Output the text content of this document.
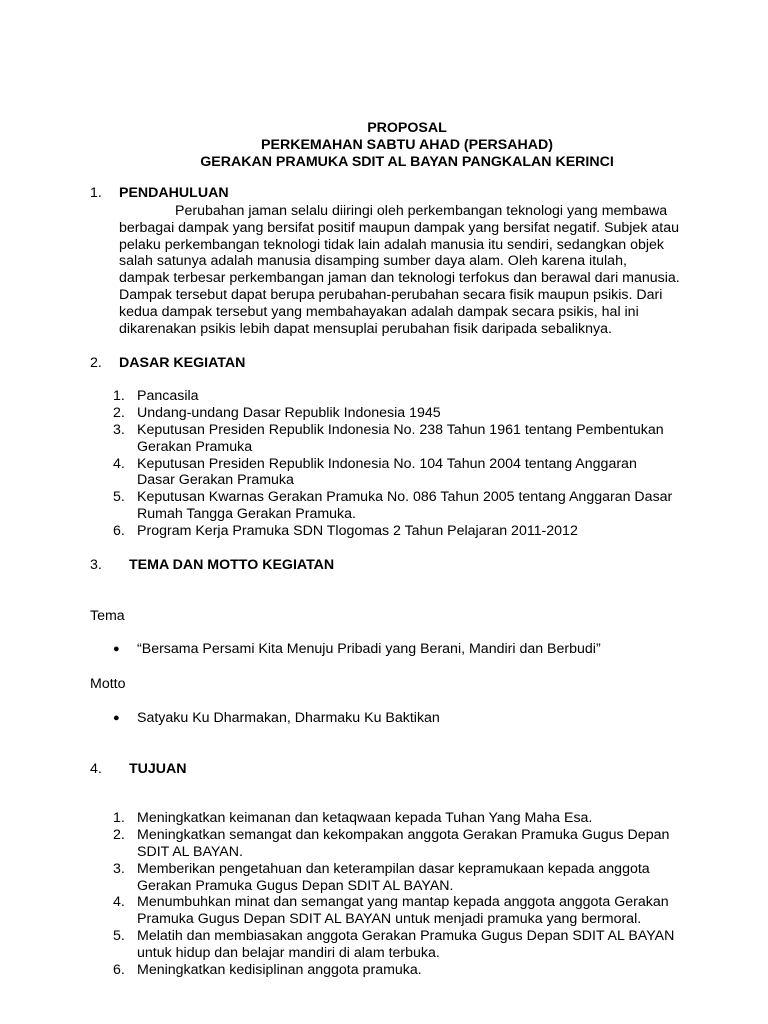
PROPOSAL
PERKEMAHAN SABTU AHAD (PERSAHAD)
GERAKAN PRAMUKA SDIT AL BAYAN PANGKALAN KERINCI
1. PENDAHULUAN
Perubahan jaman selalu diiringi oleh perkembangan teknologi yang membawa
berbagai dampak yang bersifat positif maupun dampak yang bersifat negatif. Subjek atau
pelaku perkembangan teknologi tidak lain adalah manusia itu sendiri, sedangkan objek
salah satunya adalah manusia disamping sumber daya alam. Oleh karena itulah,
dampak terbesar perkembangan jaman dan teknologi terfokus dan berawal dari manusia.
Dampak tersebut dapat berupa perubahan-perubahan secara fisik maupun psikis. Dari
kedua dampak tersebut yang membahayakan adalah dampak secara psikis, hal ini
dikarenakan psikis lebih dapat mensuplai perubahan fisik daripada sebaliknya.
2. DASAR KEGIATAN
1. Pancasila
2. Undang-undang Dasar Republik Indonesia 1945
3. Keputusan Presiden Republik Indonesia No. 238 Tahun 1961 tentang Pembentukan
Gerakan Pramuka
4. Keputusan Presiden Republik Indonesia No. 104 Tahun 2004 tentang Anggaran
Dasar Gerakan Pramuka
5. Keputusan Kwarnas Gerakan Pramuka No. 086 Tahun 2005 tentang Anggaran Dasar
Rumah Tangga Gerakan Pramuka.
6. Program Kerja Pramuka SDN Tlogomas 2 Tahun Pelajaran 2011-2012
3. TEMA DAN MOTTO KEGIATAN
Tema
● “Bersama Persami Kita Menuju Pribadi yang Berani, Mandiri dan Berbudi”
Motto
● Satyaku Ku Dharmakan, Dharmaku Ku Baktikan
4. TUJUAN
1. Meningkatkan keimanan dan ketaqwaan kepada Tuhan Yang Maha Esa.
2. Meningkatkan semangat dan kekompakan anggota Gerakan Pramuka Gugus Depan
SDIT AL BAYAN.
3. Memberikan pengetahuan dan keterampilan dasar kepramukaan kepada anggota
Gerakan Pramuka Gugus Depan SDIT AL BAYAN.
4. Menumbuhkan minat dan semangat yang mantap kepada anggota anggota Gerakan
Pramuka Gugus Depan SDIT AL BAYAN untuk menjadi pramuka yang bermoral.
5. Melatih dan membiasakan anggota Gerakan Pramuka Gugus Depan SDIT AL BAYAN
untuk hidup dan belajar mandiri di alam terbuka.
6. Meningkatkan kedisiplinan anggota pramuka.
